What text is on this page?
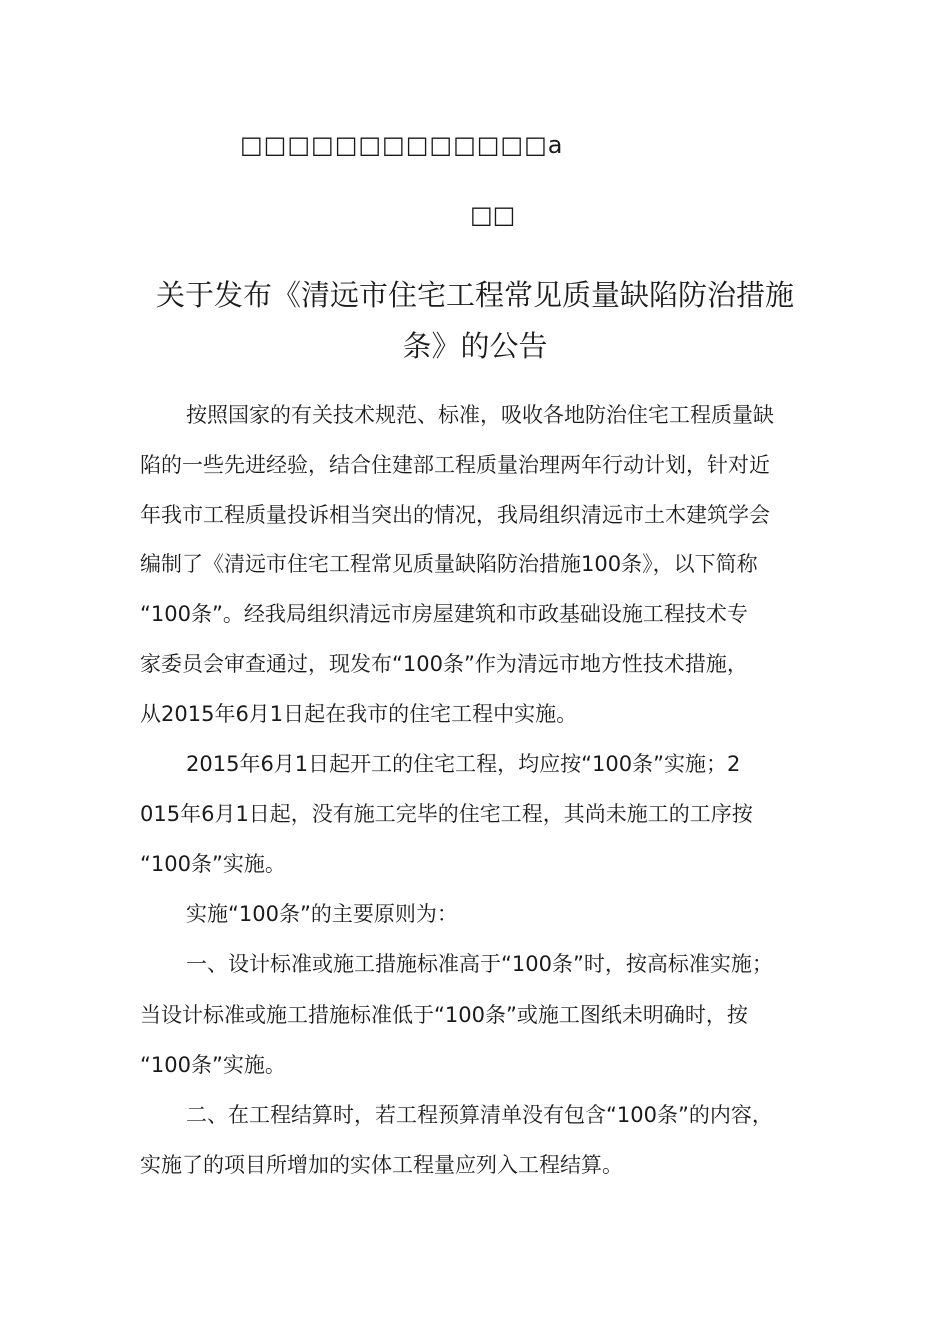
□□□□□□□□□□□□□a
□□
关于发布《清远市住宅工程常见质量缺陷防治措施
条》的公告
按照国家的有关技术规范、标准，吸收各地防治住宅工程质量缺
陷的一些先进经验，结合住建部工程质量治理两年行动计划，针对近
年我市工程质量投诉相当突出的情况，我局组织清远市土木建筑学会
编制了《清远市住宅工程常见质量缺陷防治措施100条》，以下简称
“100条”。经我局组织清远市房屋建筑和市政基础设施工程技术专
家委员会审查通过，现发布“100条”作为清远市地方性技术措施，
从2015年6月1日起在我市的住宅工程中实施。
2015年6月1日起开工的住宅工程，均应按“100条”实施；2
015年6月1日起，没有施工完毕的住宅工程，其尚未施工的工序按
“100条”实施。
实施“100条”的主要原则为：
一、设计标准或施工措施标准高于“100条”时，按高标准实施；
当设计标准或施工措施标准低于“100条”或施工图纸未明确时，按
“100条”实施。
二、在工程结算时，若工程预算清单没有包含“100条”的内容，
实施了的项目所增加的实体工程量应列入工程结算。
